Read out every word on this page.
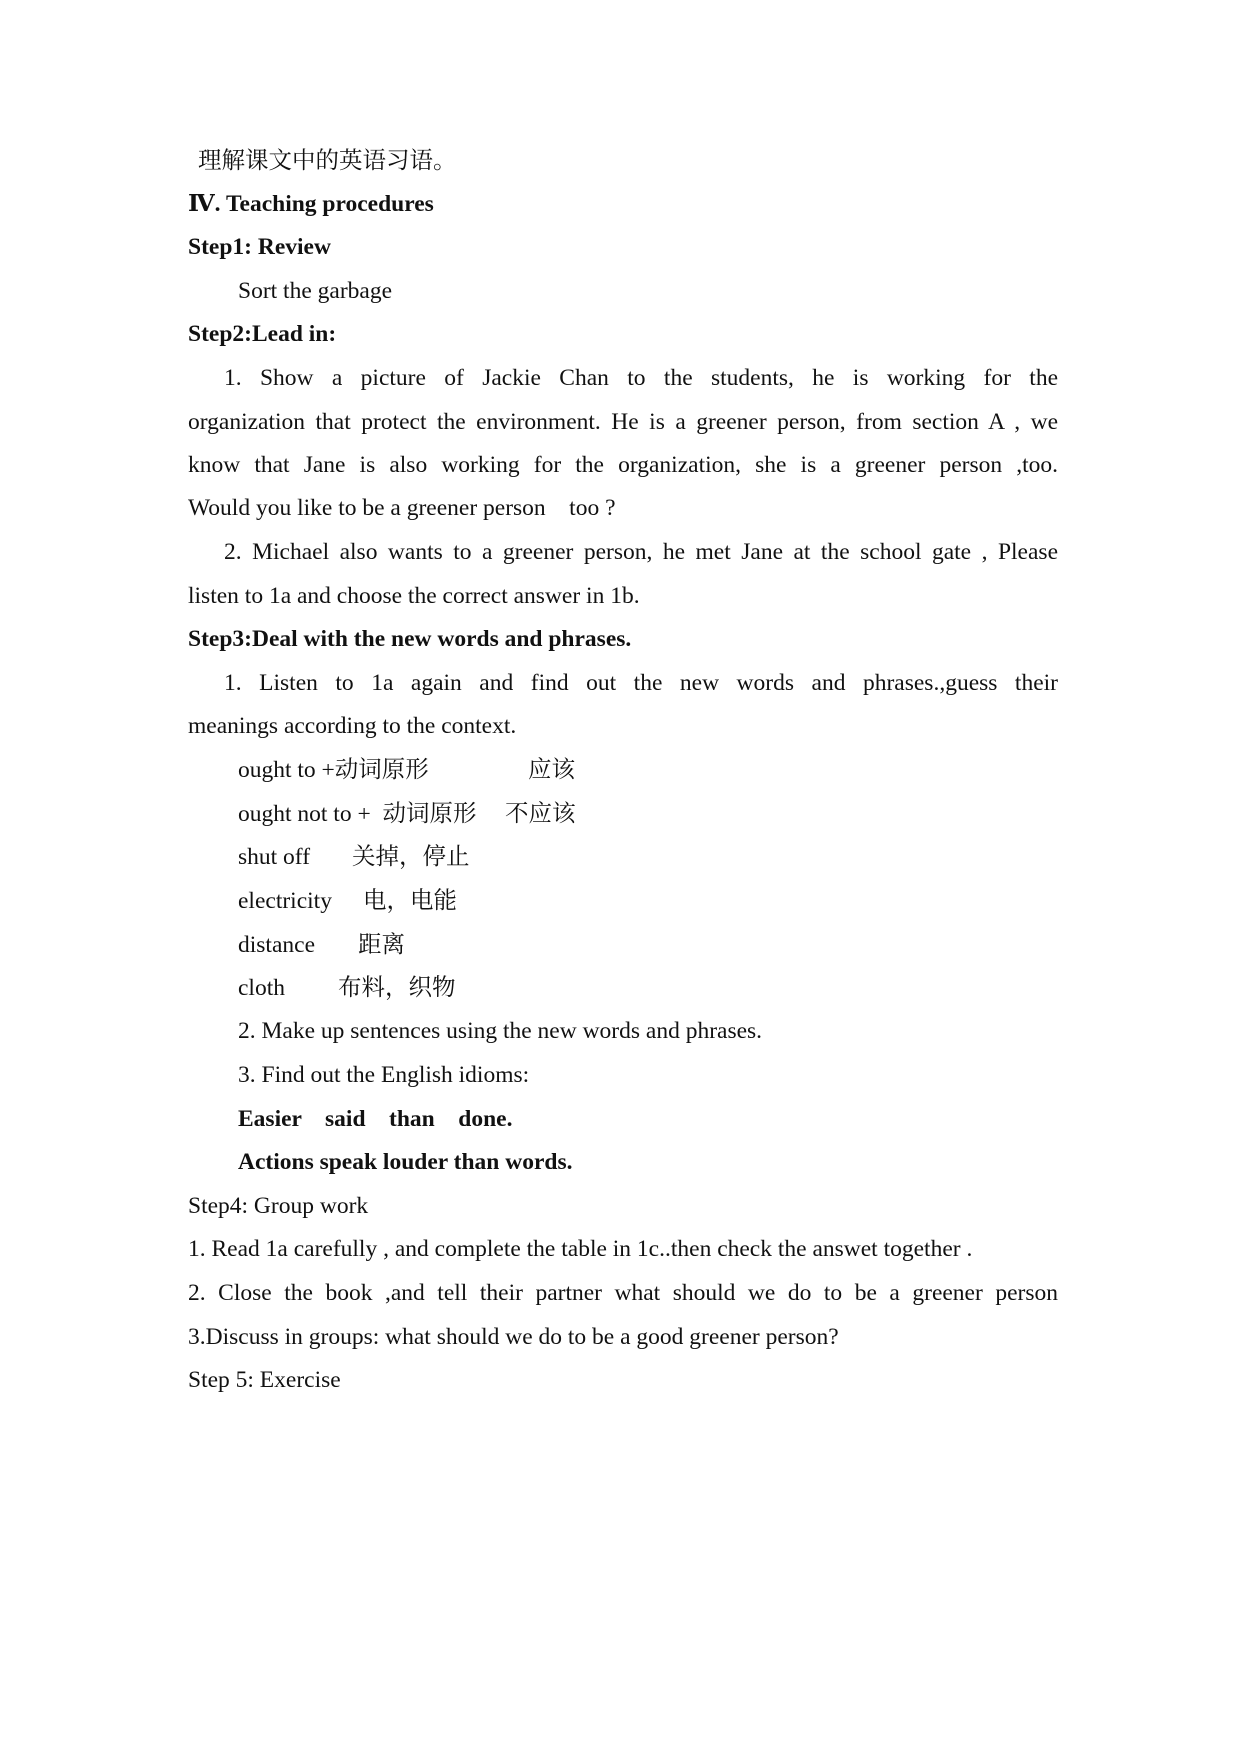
理解课文中的英语习语。
Ⅳ. Teaching procedures
Step1: Review
Sort the garbage
Step2:Lead in:
1. Show a picture of Jackie Chan to the students, he is working for the
organization that protect the environment. He is a greener person, from section A , we
know that Jane is also working for the organization, she is a greener person ,too.
Would you like to be a greener person    too ?
2. Michael also wants to a greener person, he met Jane at the school gate , Please
listen to 1a and choose the correct answer in 1b.
Step3:Deal with the new words and phrases.
1. Listen to 1a again and find out the new words and phrases.,guess their
meanings according to the context.
ought to +动词原形	应该
ought not to +  动词原形 不应该
shut off 关掉，停止
electricity 电，电能
distance 距离
cloth 布料，织物
2. Make up sentences using the new words and phrases.
3. Find out the English idioms:
Easier    said    than    done.
Actions speak louder than words.
Step4: Group work
1. Read 1a carefully , and complete the table in 1c..then check the answet together .
2. Close the book ,and tell their partner what should we do to be a greener person
3.Discuss in groups: what should we do to be a good greener person?
Step 5: Exercise
